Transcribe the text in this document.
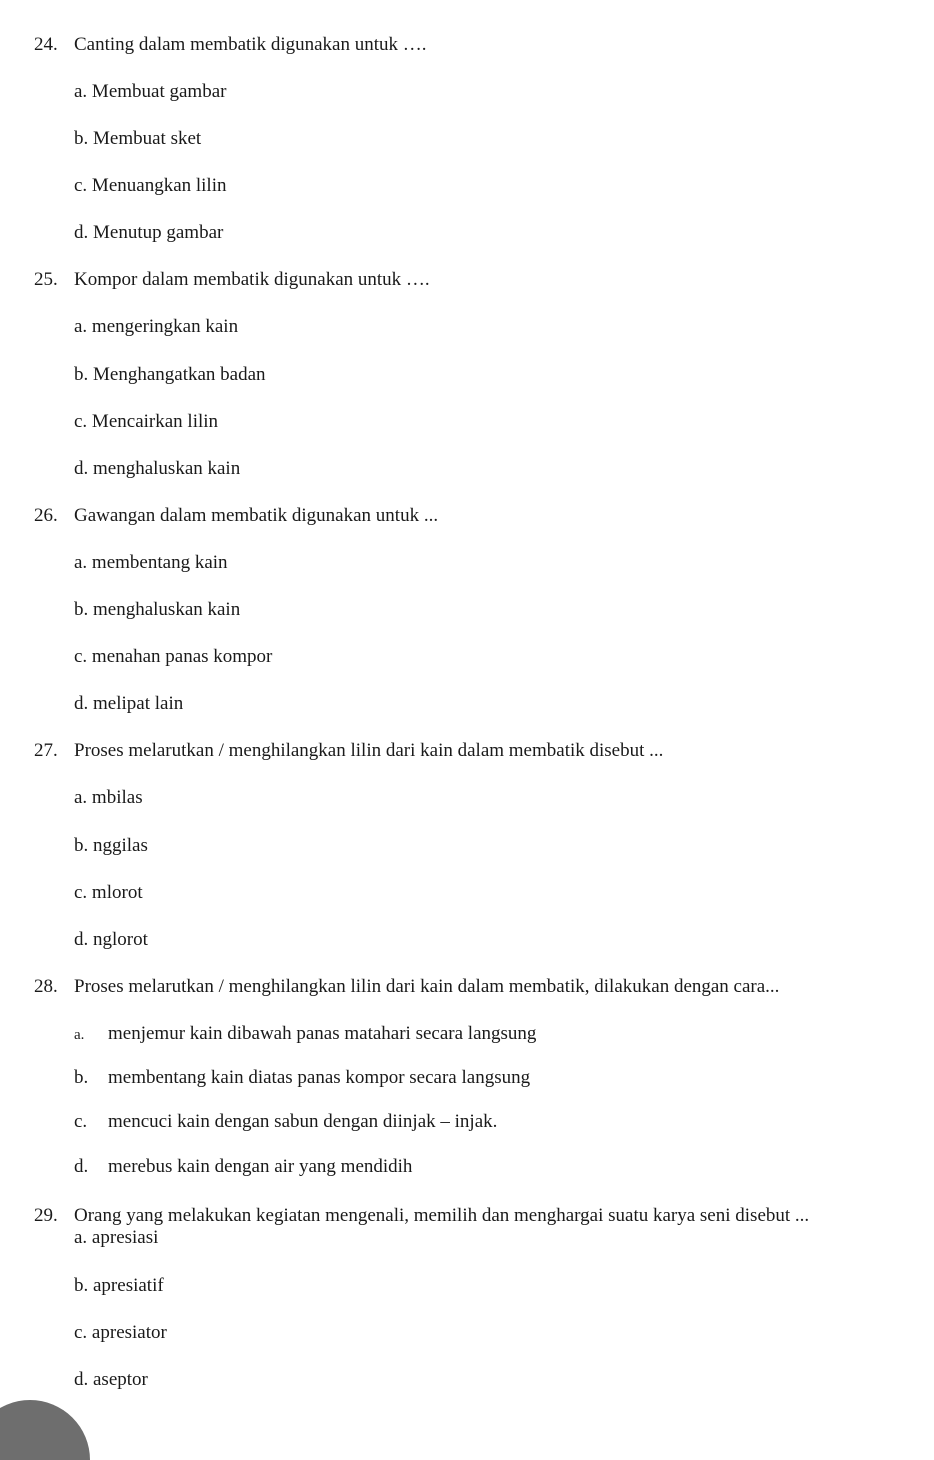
24. Canting dalam membatik digunakan untuk ….
a. Membuat gambar
b. Membuat sket
c. Menuangkan lilin
d. Menutup gambar
25. Kompor dalam membatik digunakan untuk ….
a. mengeringkan kain
b. Menghangatkan badan
c. Mencairkan lilin
d. menghaluskan kain
26. Gawangan dalam membatik digunakan untuk ...
a. membentang kain
b. menghaluskan kain
c. menahan panas kompor
d. melipat lain
27. Proses melarutkan / menghilangkan lilin dari kain dalam membatik disebut ...
a. mbilas
b. nggilas
c. mlorot
d. nglorot
28. Proses melarutkan / menghilangkan lilin dari kain dalam membatik, dilakukan dengan cara...
a. menjemur kain dibawah panas matahari secara langsung
b. membentang kain diatas panas kompor secara langsung
c. mencuci kain dengan sabun dengan diinjak – injak.
d. merebus kain dengan air yang mendidih
29. Orang yang melakukan kegiatan mengenali, memilih dan menghargai suatu karya seni disebut ...
a. apresiasi
b. apresiatif
c. apresiator
d. aseptor
